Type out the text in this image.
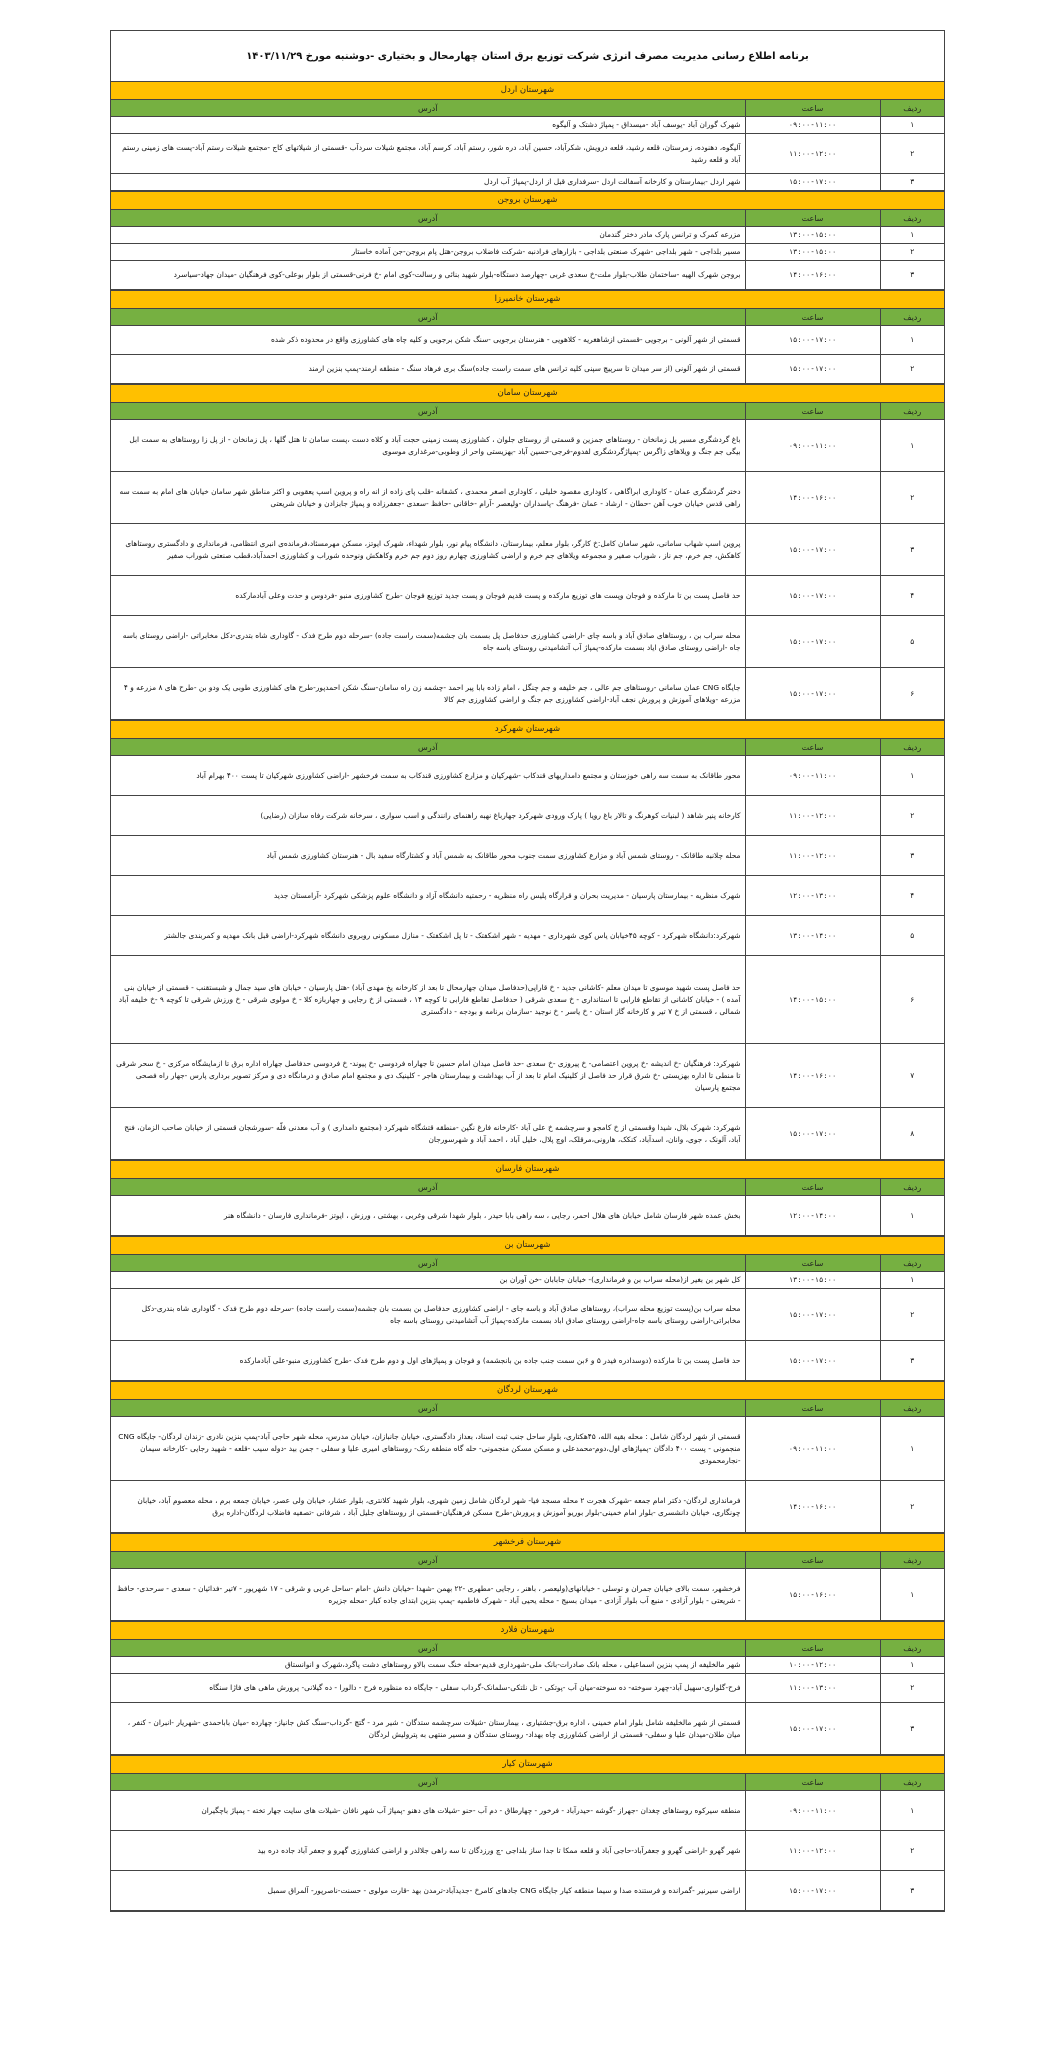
برنامه اطلاع رسانی مدیریت مصرف انرژی شرکت توزیع برق استان چهارمحال و بختیاری -دوشنبه مورخ ۱۴۰۳/۱۱/۲۹
شهرستان اردل
ردیف	ساعت	آدرس
۱	۰۹:۰۰-۱۱:۰۰	شهرک گوران آباد -یوسف آباد -میسداق - پمپاژ دشتک و آلیگوه
۲	۱۱:۰۰-۱۲:۰۰	آلیگوه، دهنوده، زمرستان، قلعه رشید، قلعه درویش، شکرآباد، حسین آباد، دره شور، رستم آباد، کرسم آباد، مجتمع شیلات سردآب -قسمتی از شیلاتهای کاج -مجتمع شیلات رستم آباد-پست های زمینی رستم آباد و قلعه رشید
۳	۱۵:۰۰-۱۷:۰۰	شهر اردل -بیمارستان و کارخانه آسفالت اردل -سرفداری قبل از اردل-پمپاژ آب اردل
شهرستان بروجن
ردیف	ساعت	آدرس
۱	۱۳:۰۰-۱۵:۰۰	مزرعه کمرک و ترانس پارک مادر دختر گندمان
۲	۱۳:۰۰-۱۵:۰۰	مسیر بلداجی - شهر بلداجی -شهرک صنعتی بلداجی - بازارهای فرادنبه -شرکت فاضلاب بروجن-هتل پام بروجن-جن آماده خاستار
۳	۱۴:۰۰-۱۶:۰۰	بروجن شهرک الهیه -ساختمان طلاب-بلوار ملت-خ سعدی غربی -چهارصد دستگاه-بلوار شهید بنائی و رسالت-کوی امام -خ فرنی-قسمتی از بلوار بوعلی-کوی فرهنگیان -میدان جهاد-سیاسرد
شهرستان خانمیرزا
ردیف	ساعت	آدرس
۱	۱۵:۰۰-۱۷:۰۰	قسمتی از شهر آلونی - برجویی -قسمتی ازشاهغریه - کلاهویی - هنرستان برجویی -سنگ شکن برجویی و کلیه چاه های کشاورزی واقع در محدوده ذکر شده
۲	۱۵:۰۰-۱۷:۰۰	قسمتی از شهر آلونی (از سر میدان تا سرپیچ سپنی کلیه ترانس های سمت راست جاده)سنگ بری فرهاد سنگ - منطقه ارمند-پمپ بنزین ارمند
شهرستان سامان
ردیف	ساعت	آدرس
۱	۰۹:۰۰-۱۱:۰۰	باغ گردشگری مسیر پل زمانخان - روستاهای جمزین و قسمتی از روستای جلوان ، کشاورزی پست زمینی حجت آباد و کلاه دست ،پست سامان تا هتل گلها ، پل زمانخان - از پل زا روستاهای به سمت ابل بیگی جم جنگ و ویلاهای زاگرس -پمپاژگردشگری لفدوم-فرجی-حسین آباد -بهزیستی واحر از وطوبی-مرغداری موسوی
۲	۱۴:۰۰-۱۶:۰۰	دختر گردشگری عمان - کاوداری ابراگاهی ، کاوداری مقصود خلیلی ، کاوداری اصغر محمدی ، کشفانه -قلب پای زاده از انه راه و پروین اسپ یعقوبی و اکثر مناطق شهر سامان خیابان های امام به سمت سه راهی قدس خیابان خوب آهن -حطان - ارشاد - عمان -فرهنگ -پاسداران -ولیعصر -آرام -خاقانی -حافظ -سعدی -جعفرزاده و پمپاژ جابزادن و خیابان شریعتی
۳	۱۵:۰۰-۱۷:۰۰	پروین اسپ شهاب سامانی، شهر سامان کامل:خ کارگر، بلوار معلم، بیمارستان، دانشگاه پیام نور، بلوار شهداء، شهرک ایوتز، مسکن مهرمسئاد،فرمانده‌ی انبری انتظامی، فرمانداری و دادگستری روستاهای کاهکش، جم خرم، جم ناز ، شوراب صفیر و مجموعه ویلاهای جم خرم و اراضی کشاورزی چهارم روز دوم جم خرم وکاهکش ونوحده شوراب و کشاورزی احمدآباد،قطب صنعتی شوراب صفیر
۴	۱۵:۰۰-۱۷:۰۰	حد فاصل پست بن تا مارکده و فوجان وپست های توزیع مارکده و پست قدیم فوجان و پست جدید توزیع فوجان -طرح کشاورزی منبو -فردوس و حدت وعلی آبادمارکده
۵	۱۵:۰۰-۱۷:۰۰	محله سراب بن ، روستاهای صادق آباد و باسه چای -اراضی کشاورزی حدفاصل پل بسمت بان جشمه(سمت راست جاده) -سرحله دوم طرح فدک - گاوداری شاه بتدری-دکل مخابراتی -اراضی روستای باسه جاه -اراضی روستای صادق ایاد بسمت مارکده-پمپاژ آب آتشامیدنی روستای باسه جاه
۶	۱۵:۰۰-۱۷:۰۰	جایگاه CNG عمان سامانی -روستاهای جم عالی ، جم خلیفه و جم چنگل ، امام زاده بابا پیر احمد -چشمه زن راه سامان-سنگ شکن احمدپور-طرح های کشاورزی طوبی یک ودو بن -طرح های ۸ مزرعه و ۴ مزرعه -ویلاهای آموزش و پرورش نجف آباد-اراضی کشاورزی جم جنگ و اراضی کشاورزی جم کالا
شهرستان شهرکرد
ردیف	ساعت	آدرس
۱	۰۹:۰۰-۱۱:۰۰	محور طاقانک به سمت سه راهی خوزستان و مجتمع دامداریهای قندکاب -شهرکیان و مزارع کشاورزی قندکاب به سمت فرخشهر -اراضی کشاورزی شهرکیان تا پست ۴۰۰ بهرام آباد
۲	۱۱:۰۰-۱۲:۰۰	کارخانه پنیر شاهد ( لبنیات کوهرنگ و تالار باغ رویا ) پارک ورودی شهرکرد جهارباغ نهبه راهنمای رانندگی و اسب سواری ، سرخانه شرکت رفاه سازان (رضایی)
۳	۱۱:۰۰-۱۲:۰۰	محله چلانبه طاقانک - روستای شمس آباد و مزارع کشاورزی سمت جنوب محور طاقانک به شمس آباد و کشتارگاه سفید بال - هنرستان کشاورزی شمس آباد
۴	۱۲:۰۰-۱۳:۰۰	شهرک منظریه - بیمارستان پارسیان - مدیریت بحران و قرارگاه پلیس راه منظریه - رحمتیه دانشگاه آزاد و دانشگاه علوم پزشکی شهرکرد -آرامستان جدید
۵	۱۳:۰۰-۱۴:۰۰	شهرکرد:دانشگاه شهرکرد - کوچه ۴۵خیابان یاس کوی شهرداری - مهدیه - شهر اشکفتک - تا پل اشکفتک - منازل مسکونی روبروی دانشگاه شهرکرد-اراضی قبل بانک مهدیه و کمربندی جالشتر
۶	۱۴:۰۰-۱۵:۰۰	حد فاصل پست شهید موسوی تا میدان معلم -کاشانی جدید - خ قاراپی(حدفاصل میدان جهارمحال تا بعد از کارخانه یخ مهدی آباد) -هتل پارسیان - خیابان های سید جمال و شبستقنب - قسمتی از خیابان بنی آمده ) - خیابان کاشانی از تقاطع فارابی تا استانداری - خ سعدی شرقی ( حدفاصل تقاطع فارابی تا کوچه ۱۴ ، قسمتی از خ رجایی و جهاربازه کلا - خ مولوی شرقی - خ ورزش شرقی تا کوچه ۹ -خ خلیفه آباد شمالی ، قسمتی از خ ۷ تیر و کارخانه گاز استان - خ یاسر - خ نوجید -سازمان برنامه و بودجه - دادگستری
۷	۱۴:۰۰-۱۶:۰۰	شهرکرد: فرهنگیان -خ اندیشه -خ پروین اعتصامی- خ پیروزی -خ سعدی -حد فاصل میدان امام حسین تا جهاراه فردوسی -خ پیوند- خ فردوسی حدفاصل جهاراه اداره برق تا ازمایشگاه مرکزی - خ سحر شرقی تا منطی تا اداره بهزیستی -خ شرق قرار حد فاصل از کلینیک امام تا بعد از آب بهداشت و بیمارستان هاجر - کلینیک دی و مجتمع امام صادق و درمانگاه دی و مرکز تصویر برداری پارس -جهار راه فصحی مجتمع پارسیان
۸	۱۵:۰۰-۱۷:۰۰	شهرکرد: شهرک بلال، شیدا وقسمتی از خ کامجو و سرچشمه خ علی آباد -کارخانه فارغ نگین -منطقه قتشگاه شهرکرد (مجتمع دامداری ) و آب معدنی فلّه -سورشجان قسمتی از خیابان صاحب الزمان، فنج آباد، آلونک ، جوی، وانان، اسدآباد، کنکک، هارونی،مرقلک، اوچ پلال، خلیل آباد ، احمد آباد و شهرسورجان
شهرستان فارسان
ردیف	ساعت	آدرس
۱	۱۲:۰۰-۱۴:۰۰	بخش عمده شهر فارسان شامل خیابان های هلال احمر، رجایی ، سه راهی بابا حیدر ، بلوار شهدا شرقی وغربی ، بهشتی ، ورزش ، ایوتز -فرمانداری فارسان - دانشگاه هنر
شهرستان بن
ردیف	ساعت	آدرس
۱	۱۳:۰۰-۱۵:۰۰	کل شهر بن بغیر از(محله سراب بن و فرمانداری)- خیابان جابابان -خن آوران بن
۲	۱۵:۰۰-۱۷:۰۰	محله سراب بن(پست توزیع محله سراب)، روستاهای صادق آباد و باسه جای - اراضی کشاورزی حدفاصل بن بسمت بان جشمه(سمت راست جاده) -سرحله دوم طرح فدک - گاوداری شاه بندری-دکل مخابراتی-اراضی روستای باسه جاه-اراضی روستای صادق اباد بسمت مارکده-پمپاژ آب آتشامیدنی روستای باسه جاه
۳	۱۵:۰۰-۱۷:۰۰	حد فاصل پست بن تا مارکده (دوسدادره فیدر ۵ و ۶بن سمت جنب جاده بن بانجشمه) و فوجان و پمپاژهای اول و دوم طرح فدک -طرح کشاورزی منبو-علی آبادمارکده
شهرستان لردگان
ردیف	ساعت	آدرس
۱	۰۹:۰۰-۱۱:۰۰	قسمتی از شهر لردگان شامل : محله بقیه الله، ۴۵هکتاری، بلوار ساحل جنب ثبت اسناد، بعداز دادگستری، خیابان جانبازان، خیابان مدرس، محله شهر حاجی آباد-پمپ بنزین نادری -زندان لردگان- جایگاه CNG منجمونی - پست ۴۰۰ دادگان -پمپاژهای اول،دوم-محمدعلی و مسکن مسکن منجمونی- حله گاه منطقه رنک- روستاهای امیری علیا و سفلی - جمن بید -دوله سیب -قلعه - شهید رجایی -کارخانه سیمان -نجارمحمودی
۲	۱۴:۰۰-۱۶:۰۰	فرمانداری لردگان- دکتر امام جمعه -شهرک هجرت ۲ محله مسجد فیا- شهر لردگان شامل زمین شهری، بلوار شهید کلانتری، بلوار عشار، خیابان ولی عصر، خیابان جمعه برم ، محله معصوم آباد، خیابان چونگاری، خیابان دانشسری -بلوار امام خمینی-بلوار بوریو آموزش و پرورش-طرح مسکن فرهنگیان-قسمتی از روستاهای جلیل آباد ، شرفانی -تصفیه فاضلاب لردگان-اداره برق
شهرستان فرخشهر
ردیف	ساعت	آدرس
۱	۱۵:۰۰-۱۶:۰۰	فرخشهر، سمت بالای خیابان جمران و توسلی - خیابانهای(ولیعصر ، باهنر ، رجایی -مطهری -۲۲ بهمن -شهدا -خیابان دانش -امام -ساحل غربی و شرقی - ۱۷ شهریور - ۷تیر -فدائیان - سعدی - سرحدی- حافظ - شریعتی - بلوار آزادی - منبع آب بلوار آزادی - میدان بسیج - محله یحیی آباد - شهرک فاطمیه -پمپ بنزین ابتدای جاده کبار -محله جزیره
شهرستان فلارد
ردیف	ساعت	آدرس
۱	۱۰:۰۰-۱۲:۰۰	شهر مالخلیفه از پمپ بنزین اسماعیلی ، محله بانک صادرات-بانک ملی-شهرداری قدیم-محله خنگ سمت بالاو روستاهای دشت پاگرد،شهرک و انوانستاق
۲	۱۱:۰۰-۱۳:۰۰	فرح-گلواری-سهیل آباد-چهرد سوخته- ده سوخته-میان آب -پوتکی - تل نلتکی-سلمانک-گرداب سفلی - جایگاه ده منظوره فرح - دالورا - ده گیلانی- پرورش ماهی های فاژا سنگاه
۳	۱۵:۰۰-۱۷:۰۰	قسمتی از شهر مالخلیفه شامل بلوار امام خمینی ، اداره برق-جشتیاری ، بیمارستان -شیلات سرچشمه ستدگان - شیر مرد - گتچ -گرداب-سنگ کش جانیاز- چهارده -میان باباحمدی -شهریار -انبران - کنفر ، میان طلان-میدان علیا و سفلی- قسمتی از اراضی کشاورزی چاه بهداد- روستای ستدگان و مسیر منتهی به پترولیش لردگان
شهرستان کیار
ردیف	ساعت	آدرس
۱	۰۹:۰۰-۱۱:۰۰	منطقه سیرکوه روستاهای چغدان -جهراز -گوشه -حیدرآباد - فرخور - چهارطاق - دم آب -حنو -شیلات های دهنو -پمپاژ آب شهر نافان -شیلات های سایت جهار تخته - پمپاژ باچگیران
۲	۱۱:۰۰-۱۲:۰۰	شهر گهرو -اراضی گهرو و جعفرآباد-حاجی آباد و قلعه ممکا تا جدا ساز بلداجی -چ ورزدگان تا سه راهی جلالدر و اراضی کشاورزی گهرو و جعفر آباد جاده دره بید
۳	۱۵:۰۰-۱۷:۰۰	اراضی سیرنیر -گمرانده و فرستنده صدا و سیما منطقه کیار جایگاه CNG جادهای کامرخ -جدیدآباد-ترمدن بهد -قارت مولوی - حسنت-ناصرپور- آلمراق سمبل
